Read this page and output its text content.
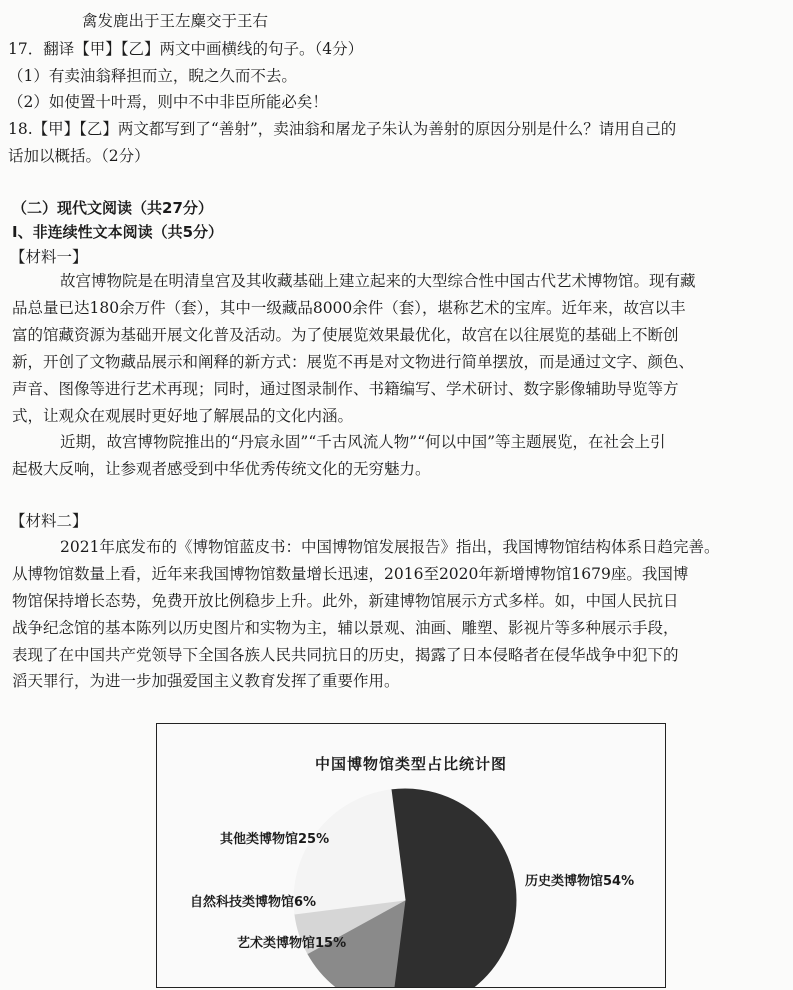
禽发鹿出于王左麋交于王右
17．翻译【甲】【乙】两文中画横线的句子。（4分）
（1）有卖油翁释担而立，睨之久而不去。
（2）如使置十叶焉，则中不中非臣所能必矣！
18.【甲】【乙】两文都写到了“善射”，卖油翁和屠龙子朱认为善射的原因分别是什么？请用自己的
话加以概括。（2分）
（二）现代文阅读（共27分）
Ⅰ、非连续性文本阅读（共5分）
【材料一】
故宫博物院是在明清皇宫及其收藏基础上建立起来的大型综合性中国古代艺术博物馆。现有藏
品总量已达180余万件（套），其中一级藏品8000余件（套），堪称艺术的宝库。近年来，故宫以丰
富的馆藏资源为基础开展文化普及活动。为了使展览效果最优化，故宫在以往展览的基础上不断创
新，开创了文物藏品展示和阐释的新方式：展览不再是对文物进行简单摆放，而是通过文字、颜色、
声音、图像等进行艺术再现；同时，通过图录制作、书籍编写、学术研讨、数字影像辅助导览等方
式，让观众在观展时更好地了解展品的文化内涵。
近期，故宫博物院推出的“丹宸永固”“千古风流人物”“何以中国”等主题展览，在社会上引
起极大反响，让参观者感受到中华优秀传统文化的无穷魅力。
【材料二】
2021年底发布的《博物馆蓝皮书：中国博物馆发展报告》指出，我国博物馆结构体系日趋完善。
从博物馆数量上看，近年来我国博物馆数量增长迅速，2016至2020年新增博物馆1679座。我国博
物馆保持增长态势，免费开放比例稳步上升。此外，新建博物馆展示方式多样。如，中国人民抗日
战争纪念馆的基本陈列以历史图片和实物为主，辅以景观、油画、雕塑、影视片等多种展示手段，
表现了在中国共产党领导下全国各族人民共同抗日的历史，揭露了日本侵略者在侵华战争中犯下的
滔天罪行，为进一步加强爱国主义教育发挥了重要作用。
中国博物馆类型占比统计图
历史类博物馆54%
艺术类博物馆15%
自然科技类博物馆6%
其他类博物馆25%
